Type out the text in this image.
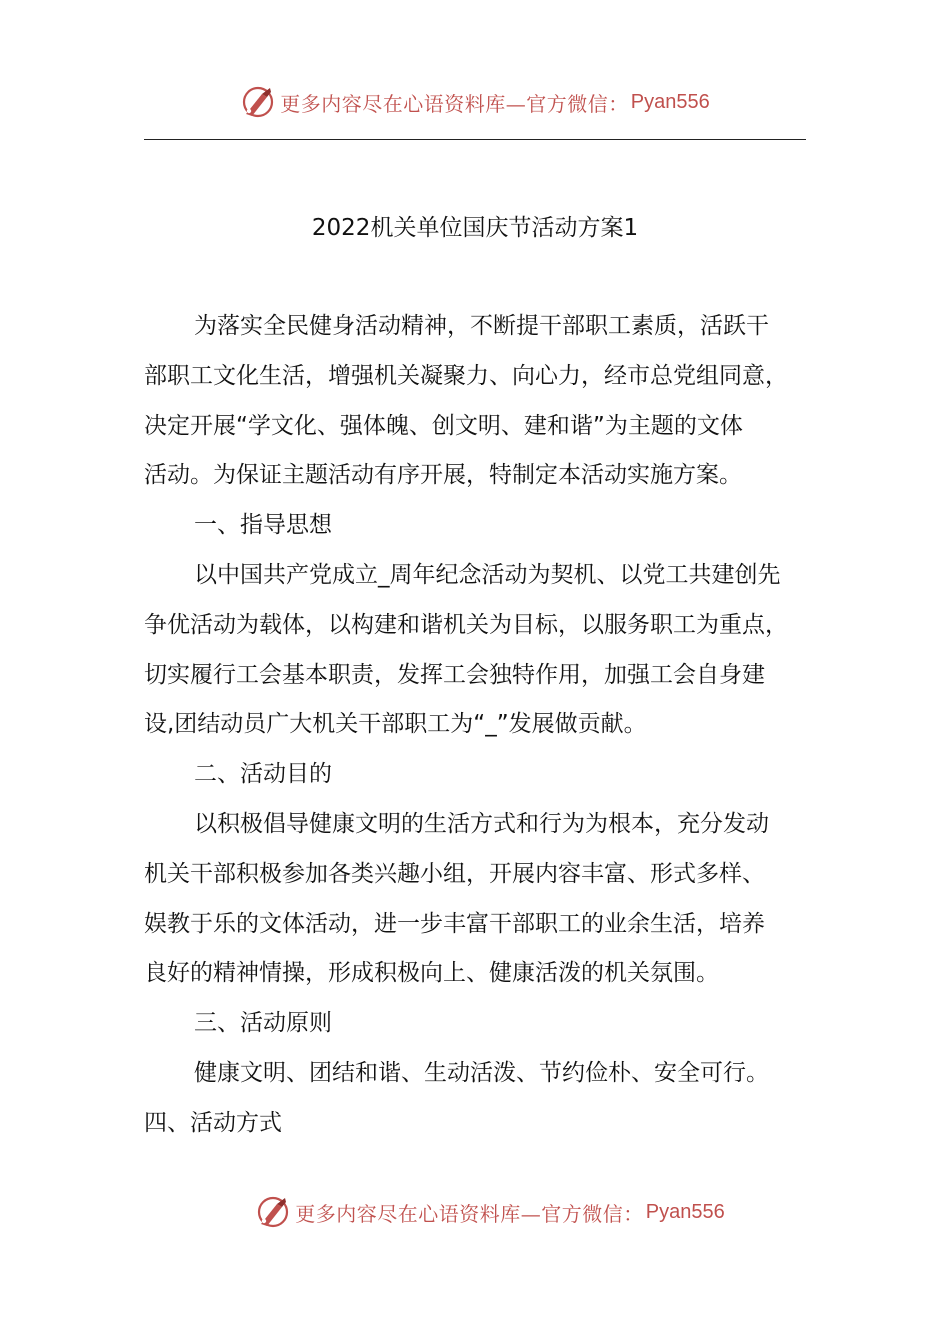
更多内容尽在心语资料库—官方微信： Pyan556
2022机关单位国庆节活动方案1
为落实全民健身活动精神，不断提干部职工素质，活跃干
部职工文化生活，增强机关凝聚力、向心力，经市总党组同意，
决定开展“学文化、强体魄、创文明、建和谐”为主题的文体
活动。为保证主题活动有序开展，特制定本活动实施方案。
一、指导思想
以中国共产党成立_周年纪念活动为契机、以党工共建创先
争优活动为载体，以构建和谐机关为目标，以服务职工为重点，
切实履行工会基本职责，发挥工会独特作用，加强工会自身建
设,团结动员广大机关干部职工为“_”发展做贡献。
二、活动目的
以积极倡导健康文明的生活方式和行为为根本，充分发动
机关干部积极参加各类兴趣小组，开展内容丰富、形式多样、
娱教于乐的文体活动，进一步丰富干部职工的业余生活，培养
良好的精神情操，形成积极向上、健康活泼的机关氛围。
三、活动原则
健康文明、团结和谐、生动活泼、节约俭朴、安全可行。
四、活动方式
更多内容尽在心语资料库—官方微信： Pyan556
